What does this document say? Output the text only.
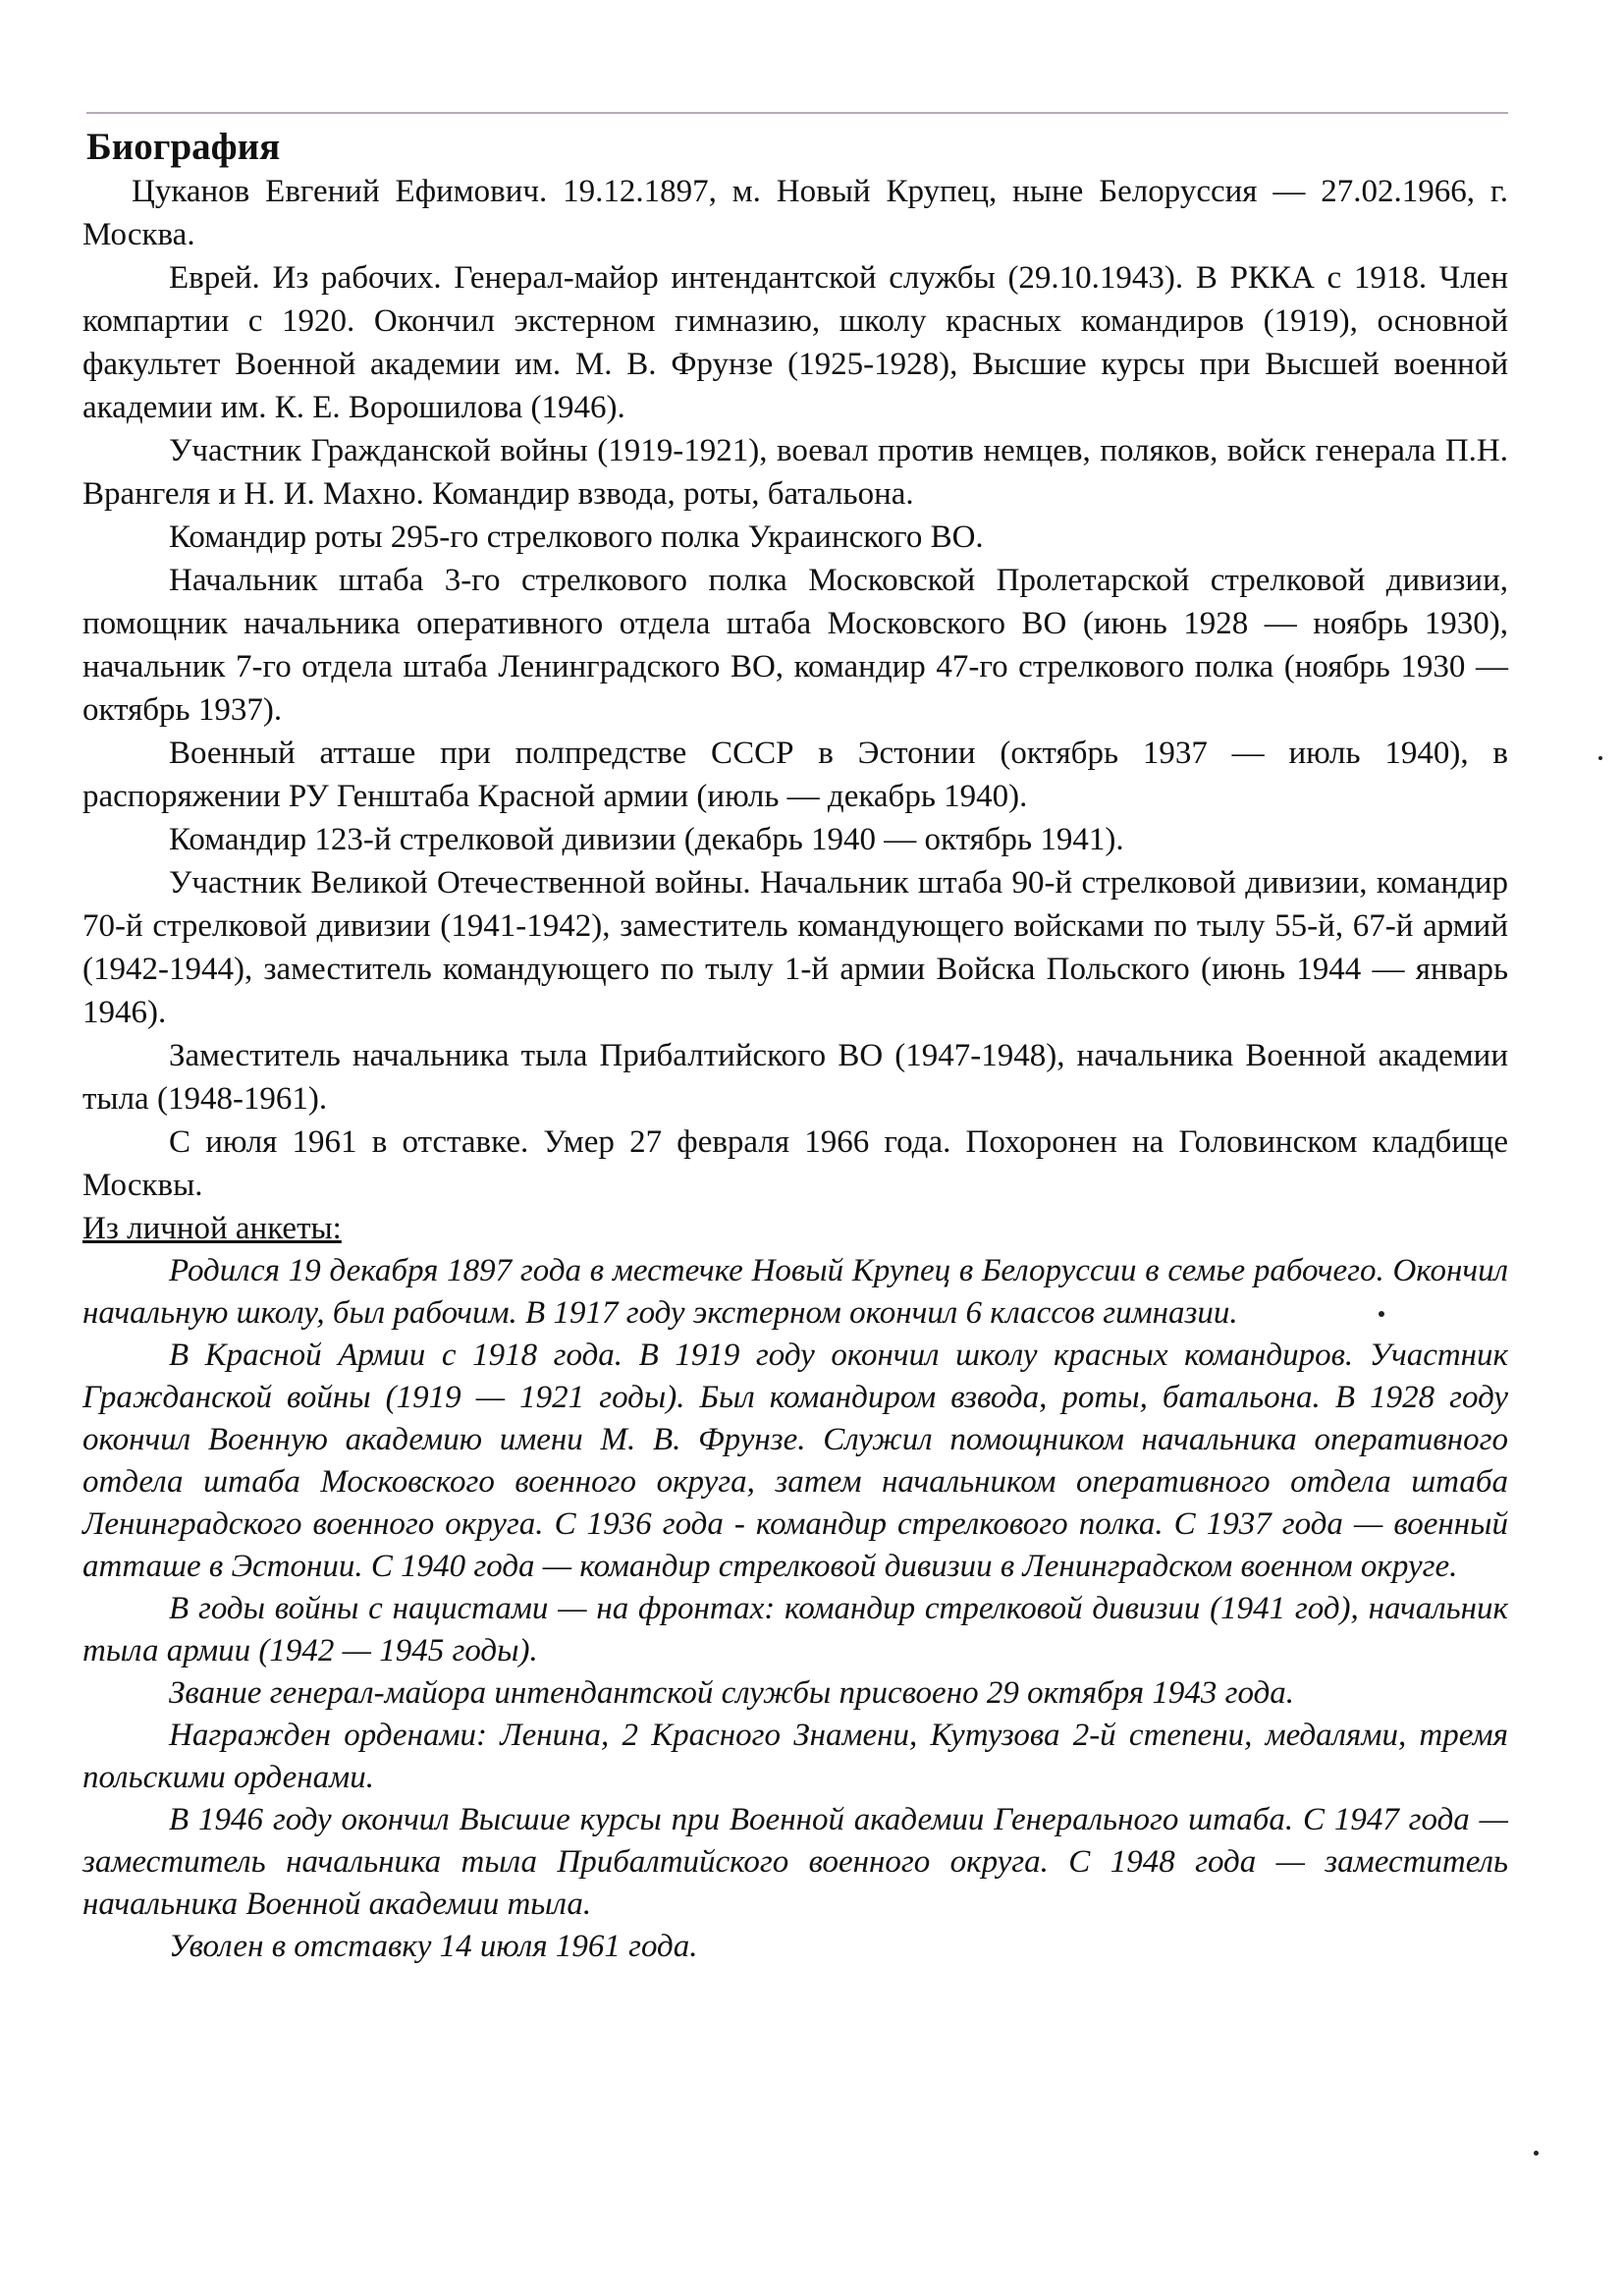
Биография

Цуканов Евгений Ефимович. 19.12.1897, м. Новый Крупец, ныне Белоруссия — 27.02.1966, г. Москва.

Еврей. Из рабочих. Генерал-майор интендантской службы (29.10.1943). В РККА с 1918. Член компартии с 1920. Окончил экстерном гимназию, школу красных командиров (1919), основной факультет Военной академии им. М. В. Фрунзе (1925-1928), Высшие курсы при Высшей военной академии им. К. Е. Ворошилова (1946).

Участник Гражданской войны (1919-1921), воевал против немцев, поляков, войск генерала П.Н. Врангеля и Н. И. Махно. Командир взвода, роты, батальона.

Командир роты 295-го стрелкового полка Украинского ВО.

Начальник штаба 3-го стрелкового полка Московской Пролетарской стрелковой дивизии, помощник начальника оперативного отдела штаба Московского ВО (июнь 1928 — ноябрь 1930), начальник 7-го отдела штаба Ленинградского ВО, командир 47-го стрелкового полка (ноябрь 1930 — октябрь 1937).

Военный атташе при полпредстве СССР в Эстонии (октябрь 1937 — июль 1940), в распоряжении РУ Генштаба Красной армии (июль — декабрь 1940).

Командир 123-й стрелковой дивизии (декабрь 1940 — октябрь 1941).

Участник Великой Отечественной войны. Начальник штаба 90-й стрелковой дивизии, командир 70-й стрелковой дивизии (1941-1942), заместитель командующего войсками по тылу 55-й, 67-й армий (1942-1944), заместитель командующего по тылу 1-й армии Войска Польского (июнь 1944 — январь 1946).

Заместитель начальника тыла Прибалтийского ВО (1947-1948), начальника Военной академии тыла (1948-1961).

С июля 1961 в отставке. Умер 27 февраля 1966 года. Похоронен на Головинском кладбище Москвы.

Из личной анкеты:

Родился 19 декабря 1897 года в местечке Новый Крупец в Белоруссии в семье рабочего. Окончил начальную школу, был рабочим. В 1917 году экстерном окончил 6 классов гимназии.

В Красной Армии с 1918 года. В 1919 году окончил школу красных командиров. Участник Гражданской войны (1919 — 1921 годы). Был командиром взвода, роты, батальона. В 1928 году окончил Военную академию имени М. В. Фрунзе. Служил помощником начальника оперативного отдела штаба Московского военного округа, затем начальником оперативного отдела штаба Ленинградского военного округа. С 1936 года - командир стрелкового полка. С 1937 года — военный атташе в Эстонии. С 1940 года — командир стрелковой дивизии в Ленинградском военном округе.

В годы войны с нацистами — на фронтах: командир стрелковой дивизии (1941 год), начальник тыла армии (1942 — 1945 годы).

Звание генерал-майора интендантской службы присвоено 29 октября 1943 года.

Награжден орденами: Ленина, 2 Красного Знамени, Кутузова 2-й степени, медалями, тремя польскими орденами.

В 1946 году окончил Высшие курсы при Военной академии Генерального штаба. С 1947 года — заместитель начальника тыла Прибалтийского военного округа. С 1948 года — заместитель начальника Военной академии тыла.

Уволен в отставку 14 июля 1961 года.
